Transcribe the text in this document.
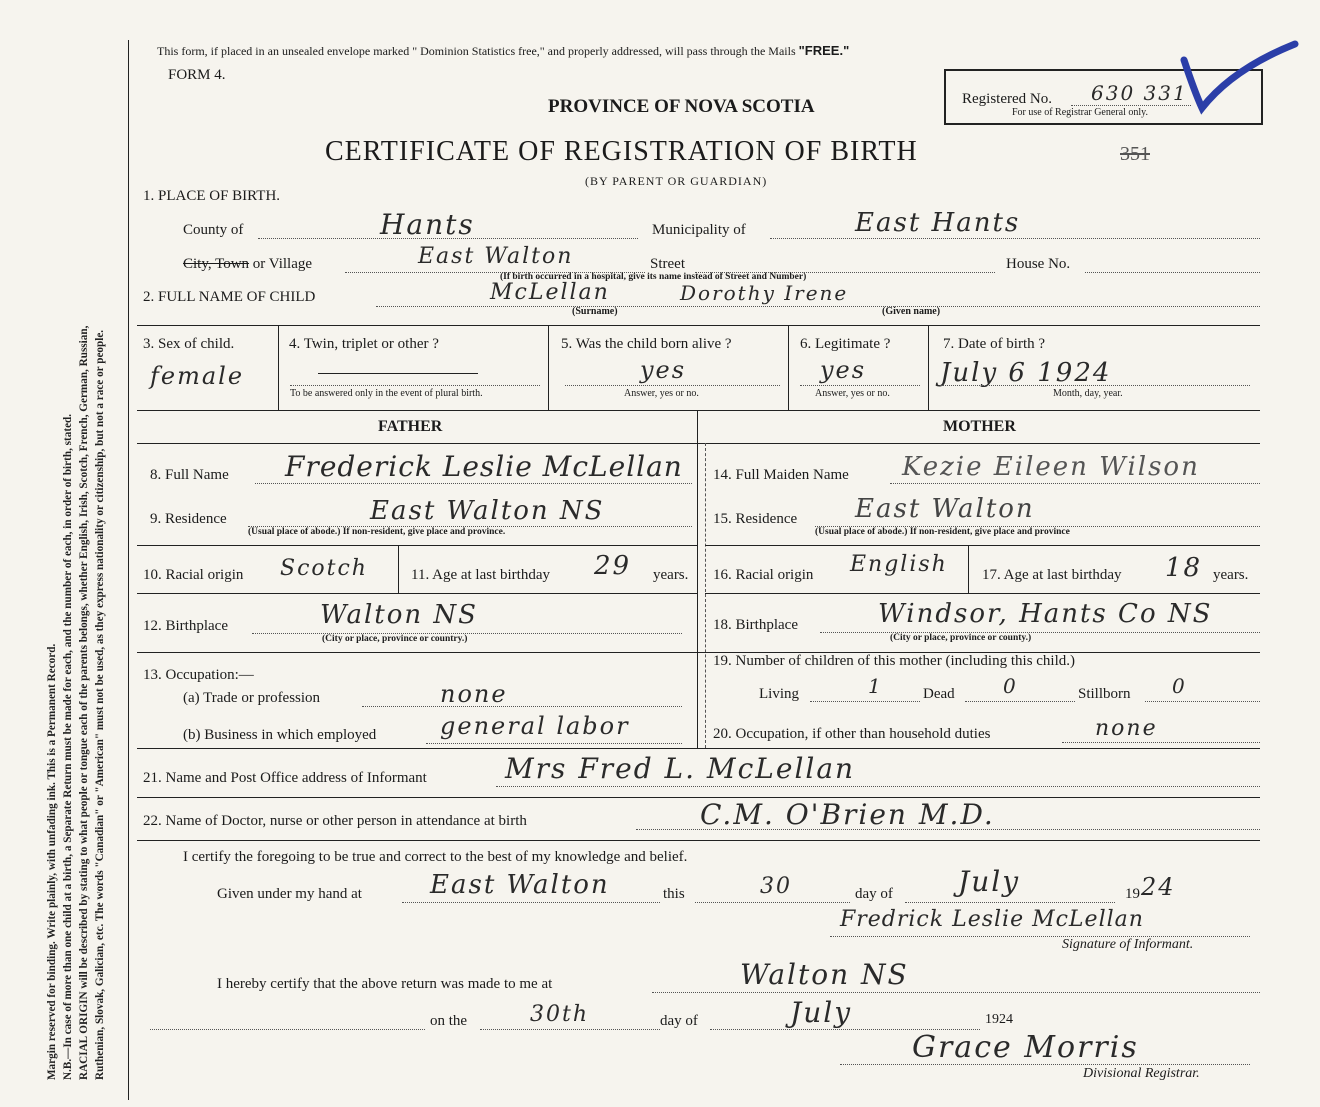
Margin reserved for binding. Write plainly, with unfading ink. This is a Permanent Record. N.B.—In case of more than one child at a birth, a Separate Return must be made for each, and the number of each, in order of birth, stated. RACIAL ORIGIN will be described by stating to what people or tongue each of the parents belongs, whether English, Irish, Scotch, French, German, Russian, Ruthenian, Slovak, Galician, etc. The words "Canadian" or "American" must not be used, as they express nationality or citizenship, but not a race or people.
This form, if placed in an unsealed envelope marked " Dominion Statistics free," and properly addressed, will pass through the Mails "FREE."
FORM 4.
PROVINCE OF NOVA SCOTIA
CERTIFICATE OF REGISTRATION OF BIRTH	351
(BY PARENT OR GUARDIAN)
Registered No. 630 331
For use of Registrar General only.
1. PLACE OF BIRTH.
County of	Hants	Municipality of	East Hants
City, Town or Village	East Walton	Street
(If birth occurred in a hospital, give its name instead of Street and Number)
House No.
2. FULL NAME OF CHILD	McLellan	Dorothy Irene
(Surname)	(Given name)
3. Sex of child.
female
4. Twin, triplet or other ?
To be answered only in the event of plural birth.
5. Was the child born alive ?
yes
Answer, yes or no.
6. Legitimate ?
yes
Answer, yes or no.
7. Date of birth ?
July 6 1924
Month, day, year.
FATHER	MOTHER
8. Full Name Frederick Leslie McLellan
9. Residence	East Walton NS
(Usual place of abode.) If non-resident, give place and province.
10. Racial origin Scotch	11. Age at last birthday 29 years.
12. Birthplace	Walton NS
(City or place, province or country.)
13. Occupation:—
(a) Trade or profession	none
(b) Business in which employed	general labor
14. Full Maiden Name Kezie Eileen Wilson
15. Residence East Walton
(Usual place of abode.) If non-resident, give place and province
16. Racial origin English 17. Age at last birthday 18 years.
18. Birthplace	Windsor, Hants Co NS
(City or place, province or county.)
19. Number of children of this mother (including this child.)
Living	1	Dead 0	Stillborn 0
20. Occupation, if other than household duties	none
21. Name and Post Office address of Informant	Mrs Fred L. McLellan
22. Name of Doctor, nurse or other person in attendance at birth	C.M. O'Brien M.D.
I certify the foregoing to be true and correct to the best of my knowledge and belief.
Given under my hand at	East Walton	this	30	day of July	19 24
Fredrick Leslie McLellan
Signature of Informant.
I hereby certify that the above return was made to me at	Walton NS
on the	30th	day of	July	1924
Grace Morris
Divisional Registrar.
